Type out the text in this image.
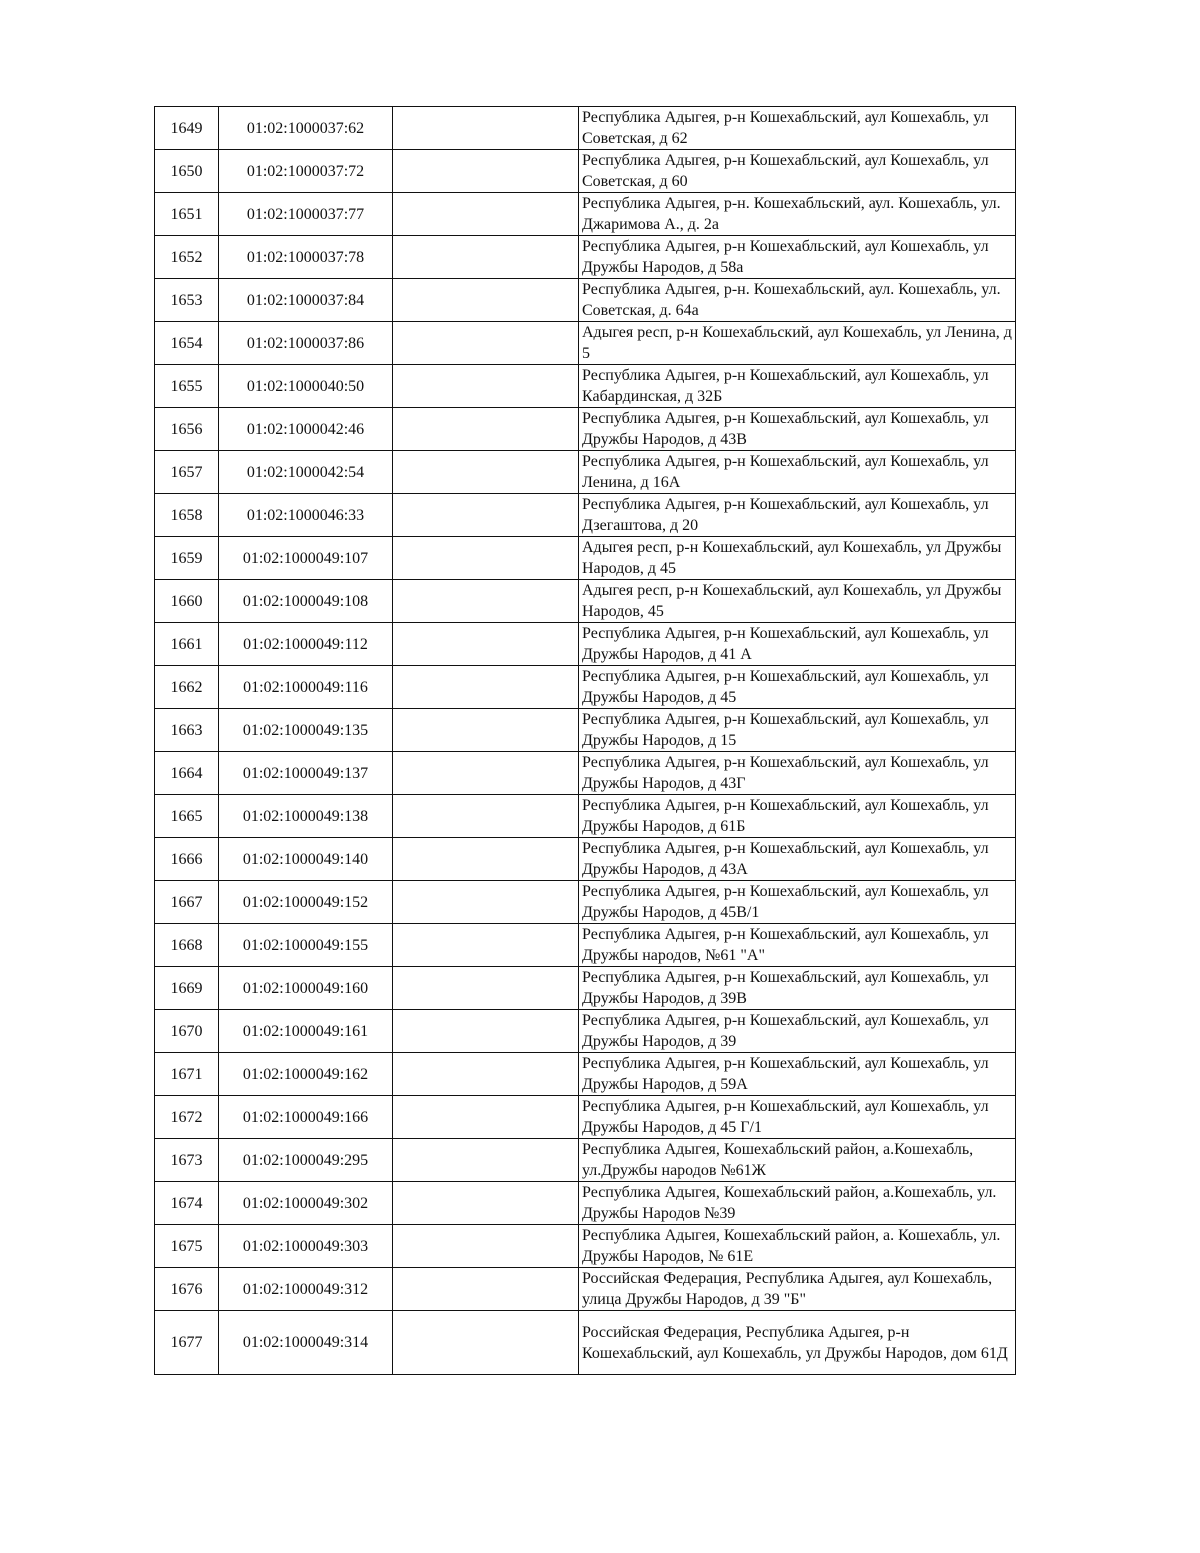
1649	01:02:1000037:62		Республика Адыгея, р-н Кошехабльский, аул Кошехабль, ул Советская, д 62
1650	01:02:1000037:72		Республика Адыгея, р-н Кошехабльский, аул Кошехабль, ул Советская, д 60
1651	01:02:1000037:77		Республика Адыгея, р-н. Кошехабльский, аул. Кошехабль, ул. Джаримова А., д. 2а
1652	01:02:1000037:78		Республика Адыгея, р-н Кошехабльский, аул Кошехабль, ул Дружбы Народов, д 58а
1653	01:02:1000037:84		Республика Адыгея, р-н. Кошехабльский, аул. Кошехабль, ул. Советская, д. 64а
1654	01:02:1000037:86		Адыгея респ, р-н Кошехабльский, аул Кошехабль, ул Ленина, д 5
1655	01:02:1000040:50		Республика Адыгея, р-н Кошехабльский, аул Кошехабль, ул Кабардинская, д 32Б
1656	01:02:1000042:46		Республика Адыгея, р-н Кошехабльский, аул Кошехабль, ул Дружбы Народов, д 43В
1657	01:02:1000042:54		Республика Адыгея, р-н Кошехабльский, аул Кошехабль, ул Ленина, д 16А
1658	01:02:1000046:33		Республика Адыгея, р-н Кошехабльский, аул Кошехабль, ул Дзегаштова, д 20
1659	01:02:1000049:107		Адыгея респ, р-н Кошехабльский, аул Кошехабль, ул Дружбы Народов, д 45
1660	01:02:1000049:108		Адыгея респ, р-н Кошехабльский, аул Кошехабль, ул Дружбы Народов, 45
1661	01:02:1000049:112		Республика Адыгея, р-н Кошехабльский, аул Кошехабль, ул Дружбы Народов, д 41 А
1662	01:02:1000049:116		Республика Адыгея, р-н Кошехабльский, аул Кошехабль, ул Дружбы Народов, д 45
1663	01:02:1000049:135		Республика Адыгея, р-н Кошехабльский, аул Кошехабль, ул Дружбы Народов, д 15
1664	01:02:1000049:137		Республика Адыгея, р-н Кошехабльский, аул Кошехабль, ул Дружбы Народов, д 43Г
1665	01:02:1000049:138		Республика Адыгея, р-н Кошехабльский, аул Кошехабль, ул Дружбы Народов, д 61Б
1666	01:02:1000049:140		Республика Адыгея, р-н Кошехабльский, аул Кошехабль, ул Дружбы Народов, д 43А
1667	01:02:1000049:152		Республика Адыгея, р-н Кошехабльский, аул Кошехабль, ул Дружбы Народов, д 45В/1
1668	01:02:1000049:155		Республика Адыгея, р-н Кошехабльский, аул Кошехабль, ул Дружбы народов, №61 "А"
1669	01:02:1000049:160		Республика Адыгея, р-н Кошехабльский, аул Кошехабль, ул Дружбы Народов, д 39В
1670	01:02:1000049:161		Республика Адыгея, р-н Кошехабльский, аул Кошехабль, ул Дружбы Народов, д 39
1671	01:02:1000049:162		Республика Адыгея, р-н Кошехабльский, аул Кошехабль, ул Дружбы Народов, д 59А
1672	01:02:1000049:166		Республика Адыгея, р-н Кошехабльский, аул Кошехабль, ул Дружбы Народов, д 45 Г/1
1673	01:02:1000049:295		Республика Адыгея, Кошехабльский район, а.Кошехабль, ул.Дружбы народов №61Ж
1674	01:02:1000049:302		Республика Адыгея, Кошехабльский район, а.Кошехабль, ул. Дружбы Народов №39
1675	01:02:1000049:303		Республика Адыгея, Кошехабльский район, а. Кошехабль, ул. Дружбы Народов, № 61Е
1676	01:02:1000049:312		Российская Федерация, Республика Адыгея, аул Кошехабль, улица Дружбы Народов, д 39 "Б"
1677	01:02:1000049:314		Российская Федерация, Республика Адыгея, р-н Кошехабльский, аул Кошехабль, ул Дружбы Народов, дом 61Д
